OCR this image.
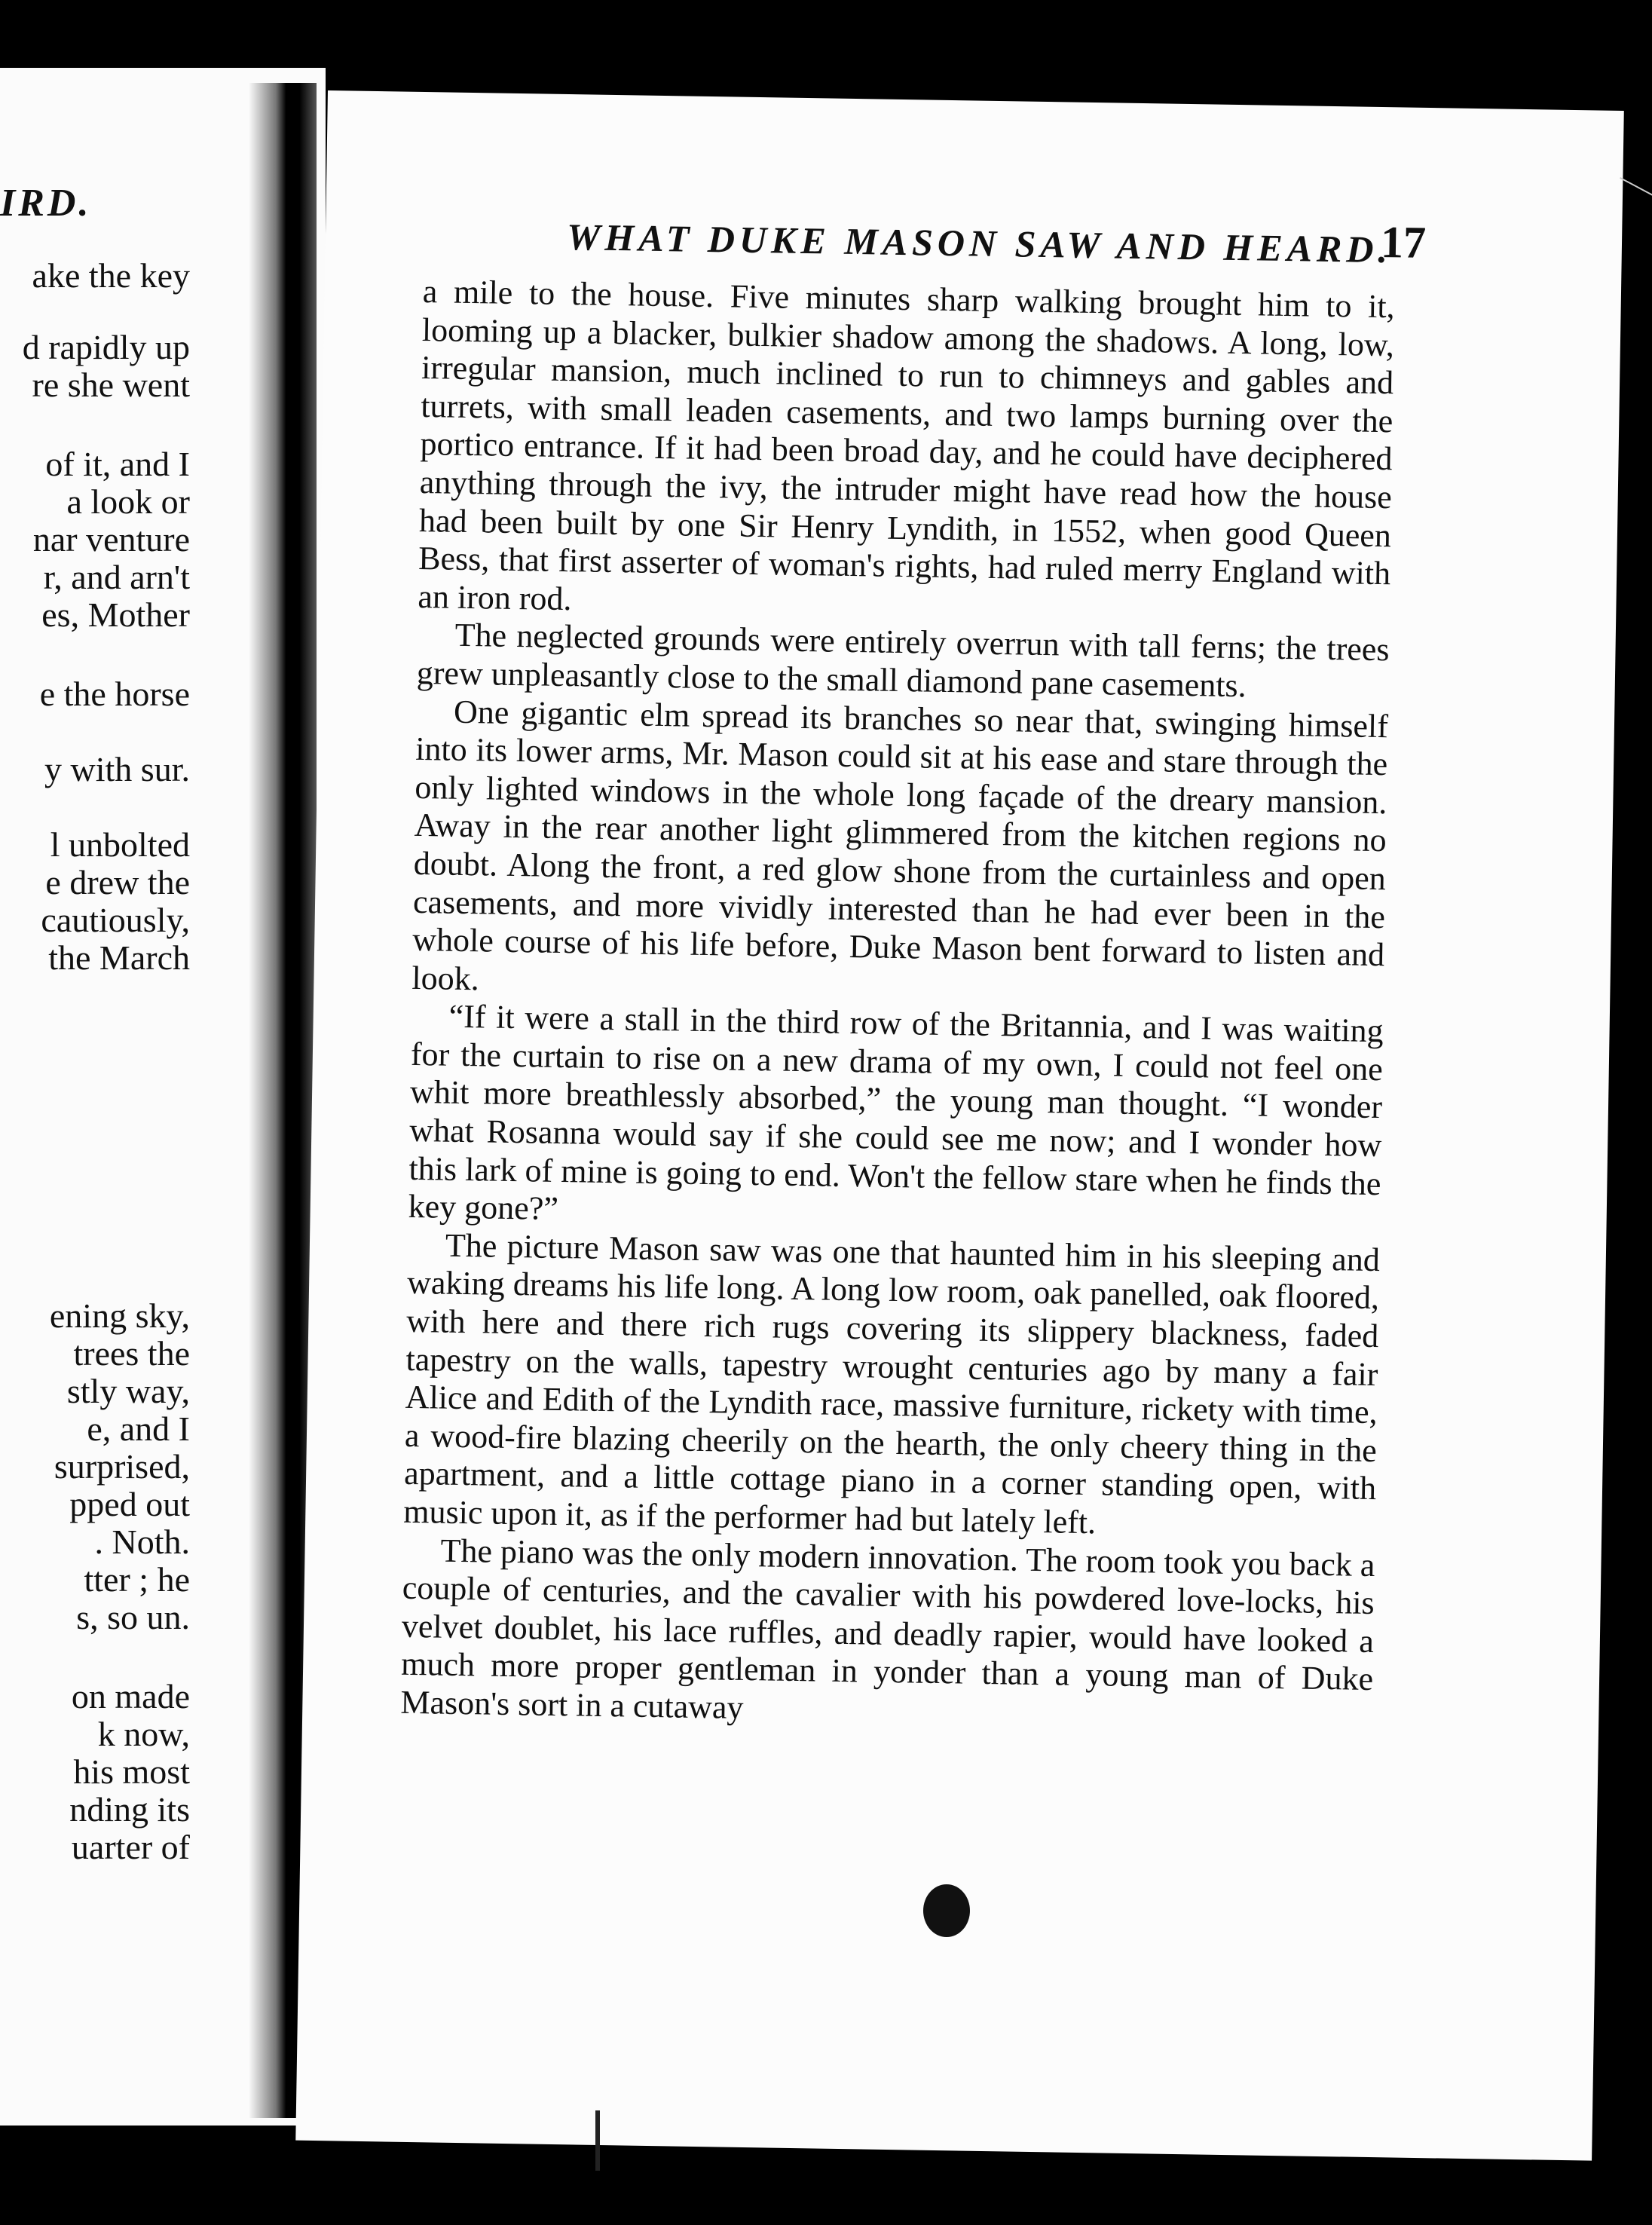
IRD.
ake the key
d rapidly up
re she went
of it, and I
a look or
nar venture
r, and arn't
es, Mother
e the horse
y with sur.
l unbolted
e drew the
cautiously,
the March
ening sky,
trees the
stly way,
e, and I
surprised,
pped out
. Noth.
tter ; he
s, so un.
on made
k now,
his most
nding its
uarter of
WHAT DUKE MASON SAW AND HEARD.
17

a mile to the house. Five minutes sharp walking brought him to it, looming up a blacker, bulkier shadow among the shadows. A long, low, irregular mansion, much inclined to run to chimneys and gables and turrets, with small leaden casements, and two lamps burning over the portico entrance. If it had been broad day, and he could have deciphered anything through the ivy, the intruder might have read how the house had been built by one Sir Henry Lyndith, in 1552, when good Queen Bess, that first asserter of woman's rights, had ruled merry England with an iron rod.

The neglected grounds were entirely overrun with tall ferns; the trees grew unpleasantly close to the small diamond pane casements.

One gigantic elm spread its branches so near that, swinging himself into its lower arms, Mr. Mason could sit at his ease and stare through the only lighted windows in the whole long façade of the dreary mansion. Away in the rear another light glimmered from the kitchen regions no doubt. Along the front, a red glow shone from the curtainless and open casements, and more vividly interested than he had ever been in the whole course of his life before, Duke Mason bent forward to listen and look.

“If it were a stall in the third row of the Britannia, and I was waiting for the curtain to rise on a new drama of my own, I could not feel one whit more breathlessly absorbed,” the young man thought. “I wonder what Rosanna would say if she could see me now; and I wonder how this lark of mine is going to end. Won't the fellow stare when he finds the key gone?”

The picture Mason saw was one that haunted him in his sleeping and waking dreams his life long. A long low room, oak panelled, oak floored, with here and there rich rugs covering its slippery blackness, faded tapestry on the walls, tapestry wrought centuries ago by many a fair Alice and Edith of the Lyndith race, massive furniture, rickety with time, a wood-fire blazing cheerily on the hearth, the only cheery thing in the apartment, and a little cottage piano in a corner standing open, with music upon it, as if the performer had but lately left.

The piano was the only modern innovation. The room took you back a couple of centuries, and the cavalier with his powdered love-locks, his velvet doublet, his lace ruffles, and deadly rapier, would have looked a much more proper gentleman in yonder than a young man of Duke Mason's sort in a cutaway
